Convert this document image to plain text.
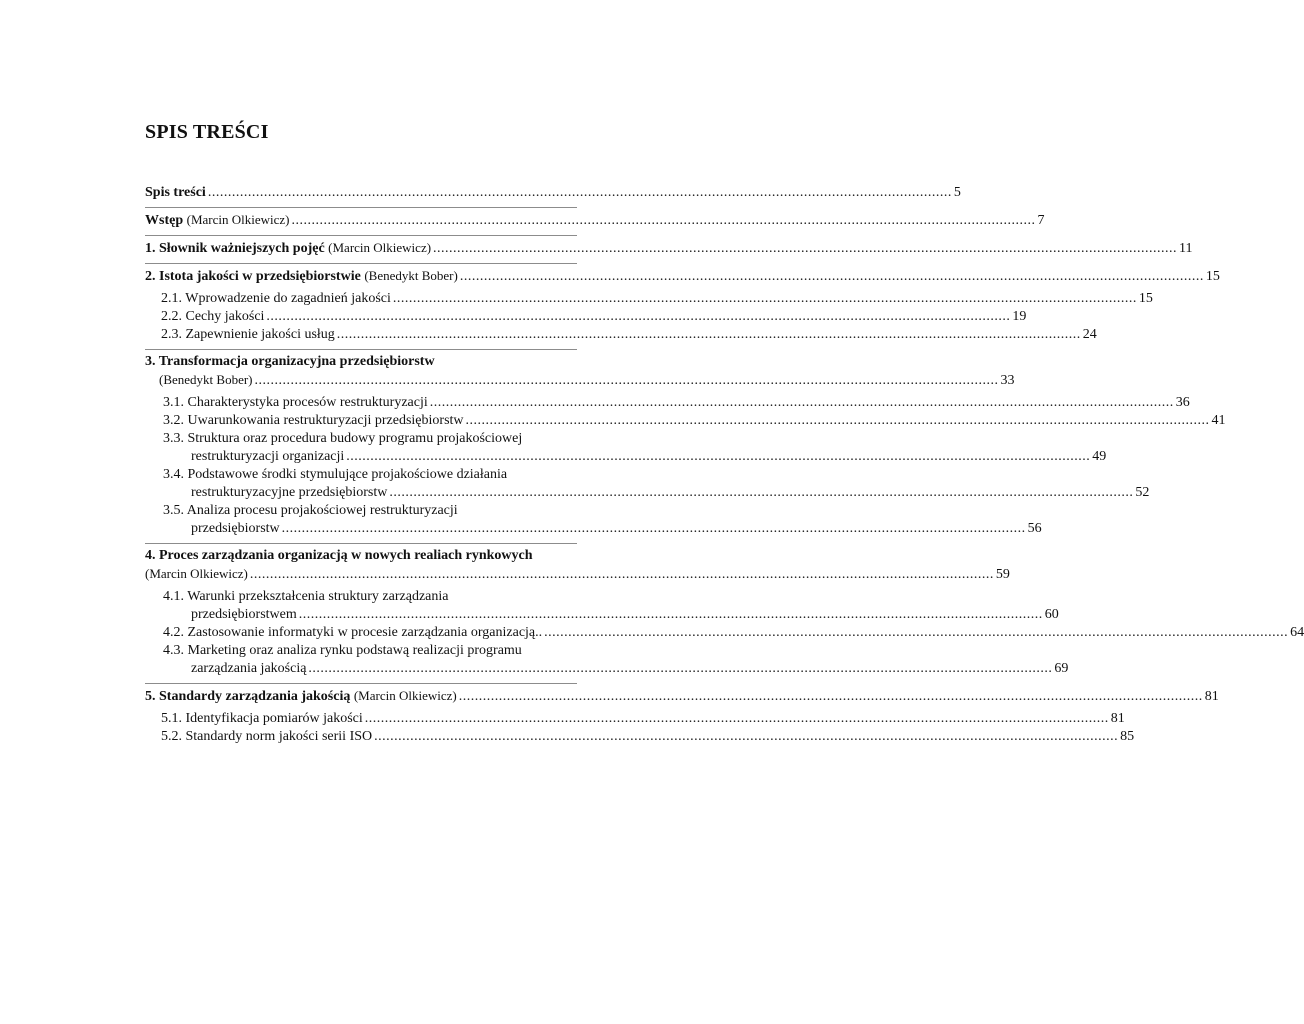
SPIS TREŚCI
Spis treści .......................................................................................................................................................................................... 5
Wstęp (Marcin Olkiewicz) .......................................................................................................................................................................................... 7
1. Słownik ważniejszych pojęć (Marcin Olkiewicz) .......................................................................................................................................................................................... 11
2. Istota jakości w przedsiębiorstwie (Benedykt Bober) .......................................................................................................................................................................................... 15
2.1. Wprowadzenie do zagadnień jakości .......................................................................................................................................................................................... 15
2.2. Cechy jakości .......................................................................................................................................................................................... 19
2.3. Zapewnienie jakości usług .......................................................................................................................................................................................... 24
3. Transformacja organizacyjna przedsiębiorstw
(Benedykt Bober) .......................................................................................................................................................................................... 33
3.1. Charakterystyka procesów restrukturyzacji .......................................................................................................................................................................................... 36
3.2. Uwarunkowania restrukturyzacji przedsiębiorstw .......................................................................................................................................................................................... 41
3.3. Struktura oraz procedura budowy programu projakościowej
restrukturyzacji organizacji .......................................................................................................................................................................................... 49
3.4. Podstawowe środki stymulujące projakościowe działania
restrukturyzacyjne przedsiębiorstw .......................................................................................................................................................................................... 52
3.5. Analiza procesu projakościowej restrukturyzacji
przedsiębiorstw .......................................................................................................................................................................................... 56
4. Proces zarządzania organizacją w nowych realiach rynkowych
(Marcin Olkiewicz) .......................................................................................................................................................................................... 59
4.1. Warunki przekształcenia struktury zarządzania
przedsiębiorstwem .......................................................................................................................................................................................... 60
4.2. Zastosowanie informatyki w procesie zarządzania organizacją.. .......................................................................................................................................................................................... 64
4.3. Marketing oraz analiza rynku podstawą realizacji programu
zarządzania jakością .......................................................................................................................................................................................... 69
5. Standardy zarządzania jakością (Marcin Olkiewicz) .......................................................................................................................................................................................... 81
5.1. Identyfikacja pomiarów jakości .......................................................................................................................................................................................... 81
5.2. Standardy norm jakości serii ISO .......................................................................................................................................................................................... 85
